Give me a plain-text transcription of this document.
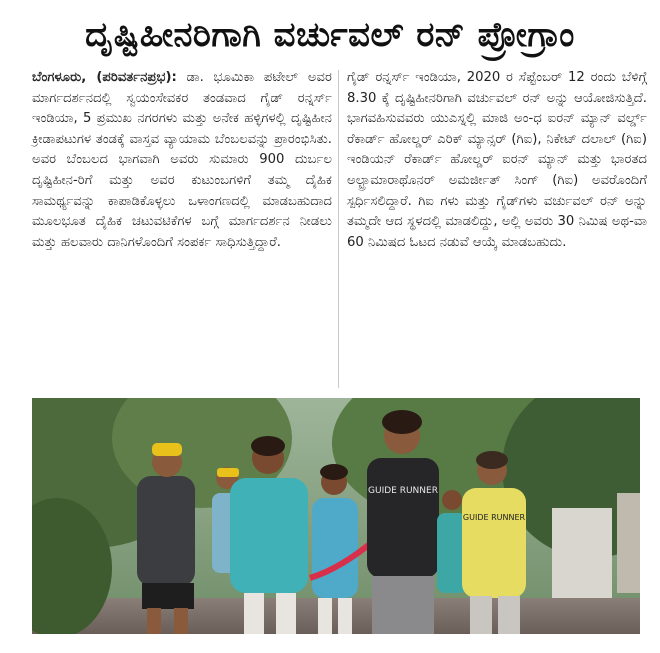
ದೃಷ್ಟಿಹೀನರಿಗಾಗಿ ವರ್ಚುವಲ್ ರನ್ ಪ್ರೋಗ್ರಾಂ

ಬೆಂಗಳೂರು, (ಪರಿವರ್ತನಪ್ರಭ): ಡಾ. ಭೂಮಿಕಾ ಪಟೇಲ್ ಅವರ ಮಾರ್ಗದರ್ಶನದಲ್ಲಿ ಸ್ವಯಂಸೇವಕರ ತಂಡವಾದ ಗೈಡ್ ರನ್ನರ್ಸ್ ಇಂಡಿಯಾ, 5 ಪ್ರಮುಖ ನಗರಗಳು ಮತ್ತು ಅನೇಕ ಹಳ್ಳಿಗಳಲ್ಲಿ ದೃಷ್ಟಿಹೀನ ಕ್ರೀಡಾಪಟುಗಳ ತಂಡಕ್ಕೆ ವಾಸ್ತವ ವ್ಯಾಯಾಮ ಬೆಂಬಲವನ್ನು ಪ್ರಾರಂಭಿಸಿತು. ಅವರ ಬೆಂಬಲದ ಭಾಗವಾಗಿ ಅವರು ಸುಮಾರು 900 ದುರ್ಬಲ ದೃಷ್ಟಿಹೀನ-ರಿಗೆ ಮತ್ತು ಅವರ ಕುಟುಂಬಗಳಿಗೆ ತಮ್ಮ ದೈಹಿಕ ಸಾಮರ್ಥ್ಯವನ್ನು ಕಾಪಾಡಿಕೊಳ್ಳಲು ಒಳಾಂಗಣದಲ್ಲಿ ಮಾಡಬಹುದಾದ ಮೂಲಭೂತ ದೈಹಿಕ ಚಟುವಟಿಕೆಗಳ ಬಗ್ಗೆ ಮಾರ್ಗದರ್ಶನ ನೀಡಲು ಮತ್ತು ಹಲವಾರು ದಾನಿಗಳೊಂದಿಗೆ ಸಂಪರ್ಕ ಸಾಧಿಸುತ್ತಿದ್ದಾರೆ.

ಗೈಡ್ ರನ್ನರ್ಸ್ ಇಂಡಿಯಾ, 2020 ರ ಸೆಪ್ಟೆಂಬರ್ 12 ರಂದು ಬೆಳಿಗ್ಗೆ 8.30 ಕ್ಕೆ ದೃಷ್ಟಿಹೀನರಿಗಾಗಿ ವರ್ಚುವಲ್ ರನ್ ಅನ್ನು ಆಯೋಜಿಸುತ್ತಿದೆ. ಭಾಗವಹಿಸುವವರು ಯುಎಸ್ನಲ್ಲಿ ಮಾಜಿ ಅಂ-ಧ ಐರನ್ ಮ್ಯಾನ್ ವರ್ಲ್ಡ್ ರೆಕಾರ್ಡ್ ಹೋಲ್ಡರ್ ಎರಿಕ್ ಮ್ಯಾನ್ಸರ್ (ಗಿಐ), ನಿಕೇಟ್ ದಲಾಲ್ (ಗಿಐ) ಇಂಡಿಯನ್ ರೆಕಾರ್ಡ್ ಹೋಲ್ಡರ್ ಐರನ್ ಮ್ಯಾನ್ ಮತ್ತು ಭಾರತದ ಅಲ್ಟ್ರಾಮಾರಾಥೊನರ್ ಅಮರ್ಜೀತ್ ಸಿಂಗ್ (ಗಿಐ) ಅವರೊಂದಿಗೆ ಸ್ಪರ್ಧಿಸಲಿದ್ದಾರೆ. ಗಿಐ ಗಳು ಮತ್ತು ಗೈಡ್‌ಗಳು ವರ್ಚುವಲ್ ರನ್ ಅನ್ನು ತಮ್ಮದೇ ಆದ ಸ್ಥಳದಲ್ಲಿ ಮಾಡಲಿದ್ದು, ಅಲ್ಲಿ ಅವರು 30 ನಿಮಿಷ ಅಥ-ವಾ 60 ನಿಮಿಷದ ಓಟದ ನಡುವೆ ಆಯ್ಕೆ ಮಾಡಬಹುದು.

GUIDE RUNNER
GUIDE RUNNER
